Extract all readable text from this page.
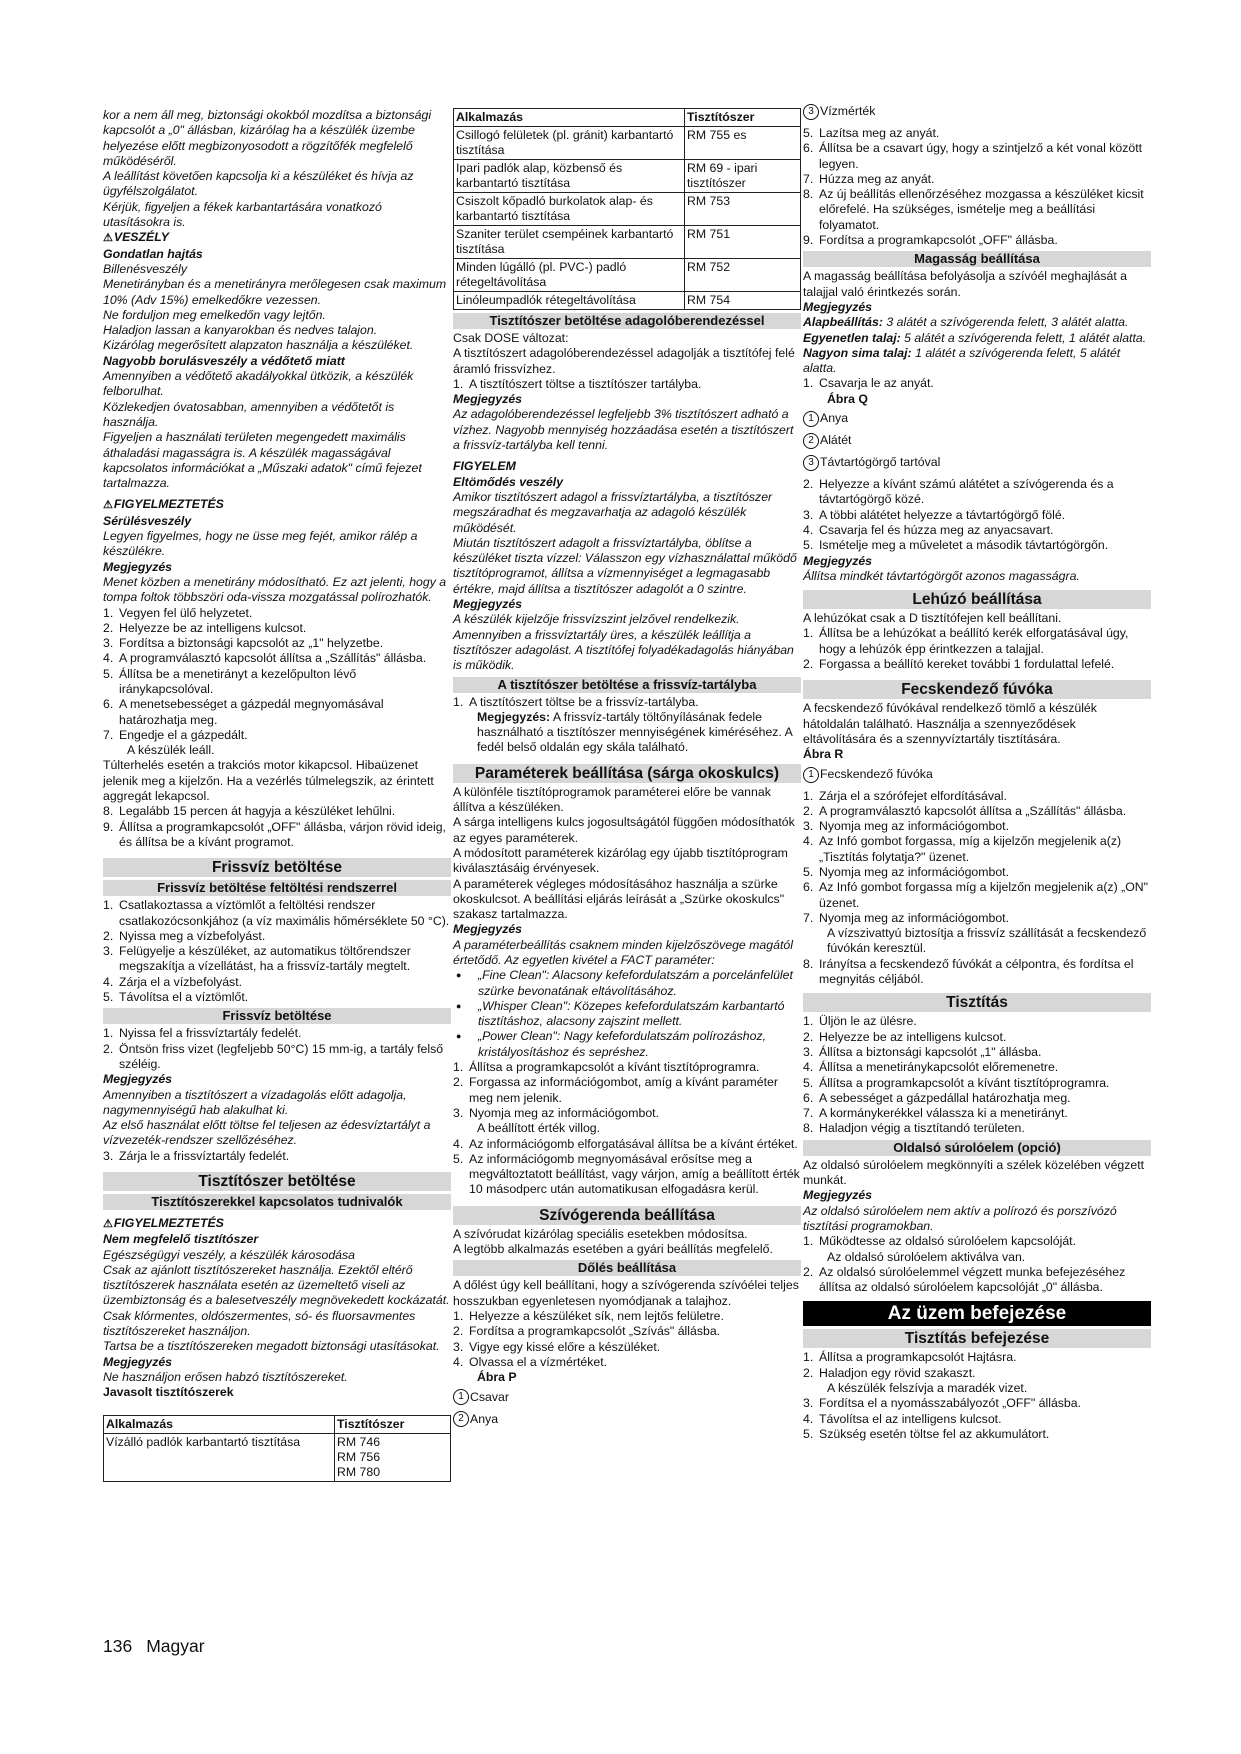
kor a nem áll meg, biztonsági okokból mozdítsa a biztonsági kapcsolót a „0" állásban, kizárólag ha a készülék üzembe helyezése előtt megbizonyosodott a rögzítőfék megfelelő működéséről.

A leállítást követően kapcsolja ki a készüléket és hívja az ügyfélszolgálatot.

Kérjük, figyeljen a fékek karbantartására vonatkozó utasításokra is.

⚠ VESZÉLY

Gondatlan hajtás

Billenésveszély

Menetirányban és a menetirányra merőlegesen csak maximum 10% (Adv 15%) emelkedőkre vezessen.

Ne forduljon meg emelkedőn vagy lejtőn.

Haladjon lassan a kanyarokban és nedves talajon.

Kizárólag megerősített alapzaton használja a készüléket.

Nagyobb borulásveszély a védőtető miatt

Amennyiben a védőtető akadályokkal ütközik, a készülék felborulhat.

Közlekedjen óvatosabban, amennyiben a védőtetőt is használja.

Figyeljen a használati területen megengedett maximális áthaladási magasságra is. A készülék magasságával kapcsolatos információkat a „Műszaki adatok" című fejezet tartalmazza.

⚠ FIGYELMEZTETÉS

Sérülésveszély

Legyen figyelmes, hogy ne üsse meg fejét, amikor rálép a készülékre.

Megjegyzés

Menet közben a menetirány módosítható. Ez azt jelenti, hogy a tompa foltok többszöri oda-vissza mozgatással polírozhatók.

1. Vegyen fel ülő helyzetet.
2. Helyezze be az intelligens kulcsot.
3. Fordítsa a biztonsági kapcsolót az „1" helyzetbe.
4. A programválasztó kapcsolót állítsa a „Szállítás" állásba.
5. Állítsa be a menetirányt a kezelőpulton lévő iránykapcsolóval.
6. A menetsebességet a gázpedál megnyomásával határozhatja meg.
7. Engedje el a gázpedált.

A készülék leáll.

Túlterhelés esetén a trakciós motor kikapcsol. Hibaüzenet jelenik meg a kijelzőn. Ha a vezérlés túlmelegszik, az érintett aggregát lekapcsol.

8. Legalább 15 percen át hagyja a készüléket lehűlni.
9. Állítsa a programkapcsolót „OFF" állásba, várjon rövid ideig, és állítsa be a kívánt programot.
Frissvíz betöltése
Frissvíz betöltése feltöltési rendszerrel
1. Csatlakoztassa a víztömlőt a feltöltési rendszer csatlakozócsonkjához (a víz maximális hőmérséklete 50 °C).
2. Nyissa meg a vízbefolyást.
3. Felügyelje a készüléket, az automatikus töltőrendszer megszakítja a vízellátást, ha a frissvíz-tartály megtelt.
4. Zárja el a vízbefolyást.
5. Távolítsa el a víztömlőt.
Frissvíz betöltése
1. Nyissa fel a frissvíztartály fedelét.
2. Öntsön friss vizet (legfeljebb 50°C) 15 mm-ig, a tartály felső széléig.

Megjegyzés

Amennyiben a tisztítószert a vízadagolás előtt adagolja, nagymennyiségű hab alakulhat ki.

Az első használat előtt töltse fel teljesen az édesvíztartályt a vízvezeték-rendszer szellőzéséhez.

3. Zárja le a frissvíztartály fedelét.
Tisztítószer betöltése
Tisztítószerekkel kapcsolatos tudnivalók

⚠ FIGYELMEZTETÉS

Nem megfelelő tisztítószer

Egészségügyi veszély, a készülék károsodása

Csak az ajánlott tisztítószereket használja. Ezektől eltérő tisztítószerek használata esetén az üzemeltető viseli az üzembiztonság és a balesetveszély megnövekedett kockázatát.

Csak klórmentes, oldószermentes, só- és fluorsavmentes tisztítószereket használjon.

Tartsa be a tisztítószereken megadott biztonsági utasításokat.

Megjegyzés

Ne használjon erősen habzó tisztítószereket.

Javasolt tisztítószerek

Alkalmazás	Tisztítószer
Vízálló padlók karbantartó tisztítása	RM 746
RM 756
RM 780
Alkalmazás	Tisztítószer
Csillogó felületek (pl. gránit) karbantartó tisztítása	RM 755 es
Ipari padlók alap, közbenső és karbantartó tisztítása	RM 69 - ipari tisztítószer
Csiszolt kőpadló burkolatok alap- és karbantartó tisztítása	RM 753
Szaniter terület csempéinek karbantartó tisztítása	RM 751
Minden lúgálló (pl. PVC-) padló rétegeltávolítása	RM 752
Linóleumpadlók rétegeltávolítása	RM 754
Tisztítószer betöltése adagolóberendezéssel

Csak DOSE változat:

A tisztítószert adagolóberendezéssel adagolják a tisztítófej felé áramló frissvízhez.

1. A tisztítószert töltse a tisztítószer tartályba.

Megjegyzés

Az adagolóberendezéssel legfeljebb 3% tisztítószert adható a vízhez. Nagyobb mennyiség hozzáadása esetén a tisztítószert a frissvíz-tartályba kell tenni.

FIGYELEM

Eltömődés veszély

Amikor tisztítószert adagol a frissvíztartályba, a tisztítószer megszáradhat és megzavarhatja az adagoló készülék működését.

Miután tisztítószert adagolt a frissvíztartályba, öblítse a készüléket tiszta vízzel: Válasszon egy vízhasználattal működő tisztítóprogramot, állítsa a vízmennyiséget a legmagasabb értékre, majd állítsa a tisztítószer adagolót a 0 szintre.

Megjegyzés

A készülék kijelzője frissvízszint jelzővel rendelkezik. Amennyiben a frissvíztartály üres, a készülék leállítja a tisztítószer adagolást. A tisztítófej folyadékadagolás hiányában is működik.

A tisztítószer betöltése a frissvíz-tartályba
1. A tisztítószert töltse be a frissvíz-tartályba.

Megjegyzés: A frissvíz-tartály töltőnyílásának fedele használható a tisztítószer mennyiségének kiméréséhez. A fedél belső oldalán egy skála található.

Paraméterek beállítása (sárga okoskulcs)

A különféle tisztítóprogramok paraméterei előre be vannak állítva a készüléken.

A sárga intelligens kulcs jogosultságától függően módosíthatók az egyes paraméterek.

A módosított paraméterek kizárólag egy újabb tisztítóprogram kiválasztásáig érvényesek.

A paraméterek végleges módosításához használja a szürke okoskulcsot. A beállítási eljárás leírását a „Szürke okoskulcs" szakasz tartalmazza.

Megjegyzés

A paraméterbeállítás csaknem minden kijelzőszövege magától értetődő. Az egyetlen kivétel a FACT paraméter:

●	„Fine Clean": Alacsony kefefordulatszám a porcelánfelület szürke bevonatának eltávolításához.
●	„Whisper Clean": Közepes kefefordulatszám karbantartó tisztításhoz, alacsony zajszint mellett.
●	„Power Clean": Nagy kefefordulatszám polírozáshoz, kristályosításhoz és sepréshez.
1. Állítsa a programkapcsolót a kívánt tisztítóprogramra.
2. Forgassa az információgombot, amíg a kívánt paraméter meg nem jelenik.
3. Nyomja meg az információgombot.

A beállított érték villog.

4. Az információgomb elforgatásával állítsa be a kívánt értéket.
5. Az információgomb megnyomásával erősítse meg a megváltoztatott beállítást, vagy várjon, amíg a beállított érték 10 másodperc után automatikusan elfogadásra kerül.
Szívógerenda beállítása

A szívórudat kizárólag speciális esetekben módosítsa.

A legtöbb alkalmazás esetében a gyári beállítás megfelelő.

Dőlés beállítása

A dőlést úgy kell beállítani, hogy a szívógerenda szívóélei teljes hosszukban egyenletesen nyomódjanak a talajhoz.

1. Helyezze a készüléket sík, nem lejtős felületre.
2. Fordítsa a programkapcsolót „Szívás" állásba.
3. Vigye egy kissé előre a készüléket.
4. Olvassa el a vízmértéket.

Ábra P

1 Csavar
2 Anya
3 Vízmérték
5. Lazítsa meg az anyát.
6. Állítsa be a csavart úgy, hogy a szintjelző a két vonal között legyen.
7. Húzza meg az anyát.
8. Az új beállítás ellenőrzéséhez mozgassa a készüléket kicsit előrefelé. Ha szükséges, ismételje meg a beállítási folyamatot.
9. Fordítsa a programkapcsolót „OFF" állásba.
Magasság beállítása

A magasság beállítása befolyásolja a szívóél meghajlását a talajjal való érintkezés során.

Megjegyzés

Alapbeállítás: 3 alátét a szívógerenda felett, 3 alátét alatta.

Egyenetlen talaj: 5 alátét a szívógerenda felett, 1 alátét alatta.

Nagyon sima talaj: 1 alátét a szívógerenda felett, 5 alátét alatta.

1. Csavarja le az anyát.

Ábra Q

1 Anya
2 Alátét
3 Távtartógörgő tartóval
2. Helyezze a kívánt számú alátétet a szívógerenda és a távtartógörgő közé.
3. A többi alátétet helyezze a távtartógörgő fölé.
4. Csavarja fel és húzza meg az anyacsavart.
5. Ismételje meg a műveletet a második távtartógörgőn.

Megjegyzés

Állítsa mindkét távtartógörgőt azonos magasságra.

Lehúzó beállítása

A lehúzókat csak a D tisztítófejen kell beállítani.

1. Állítsa be a lehúzókat a beállító kerék elforgatásával úgy, hogy a lehúzók épp érintkezzen a talajjal.
2. Forgassa a beállító kereket további 1 fordulattal lefelé.
Fecskendező fúvóka

A fecskendező fúvókával rendelkező tömlő a készülék hátoldalán található. Használja a szennyeződések eltávolítására és a szennyvíztartály tisztítására.

Ábra R

1 Fecskendező fúvóka
1. Zárja el a szórófejet elfordításával.
2. A programválasztó kapcsolót állítsa a „Szállítás" állásba.
3. Nyomja meg az információgombot.
4. Az Infó gombot forgassa, míg a kijelzőn megjelenik a(z) „Tisztítás folytatja?" üzenet.
5. Nyomja meg az információgombot.
6. Az Infó gombot forgassa míg a kijelzőn megjelenik a(z) „ON" üzenet.
7. Nyomja meg az információgombot.

A vízszivattyú biztosítja a frissvíz szállítását a fecskendező fúvókán keresztül.

8. Irányítsa a fecskendező fúvókát a célpontra, és fordítsa el megnyitás céljából.
Tisztítás
1. Üljön le az ülésre.
2. Helyezze be az intelligens kulcsot.
3. Állítsa a biztonsági kapcsolót „1" állásba.
4. Állítsa a menetiránykapcsolót előremenetre.
5. Állítsa a programkapcsolót a kívánt tisztítóprogramra.
6. A sebességet a gázpedállal határozhatja meg.
7. A kormánykerékkel válassza ki a menetirányt.
8. Haladjon végig a tisztítandó területen.
Oldalsó súrolóelem (opció)

Az oldalsó súrolóelem megkönnyíti a szélek közelében végzett munkát.

Megjegyzés

Az oldalsó súrolóelem nem aktív a polírozó és porszívózó tisztítási programokban.

1. Működtesse az oldalsó súrolóelem kapcsolóját.

Az oldalsó súrolóelem aktiválva van.

2. Az oldalsó súrolóelemmel végzett munka befejezéséhez állítsa az oldalsó súrolóelem kapcsolóját „0" állásba.
Az üzem befejezése
Tisztítás befejezése
1. Állítsa a programkapcsolót Hajtásra.
2. Haladjon egy rövid szakaszt.

A készülék felszívja a maradék vizet.

3. Fordítsa el a nyomásszabályozót „OFF" állásba.
4. Távolítsa el az intelligens kulcsot.
5. Szükség esetén töltse fel az akkumulátort.
136 Magyar
